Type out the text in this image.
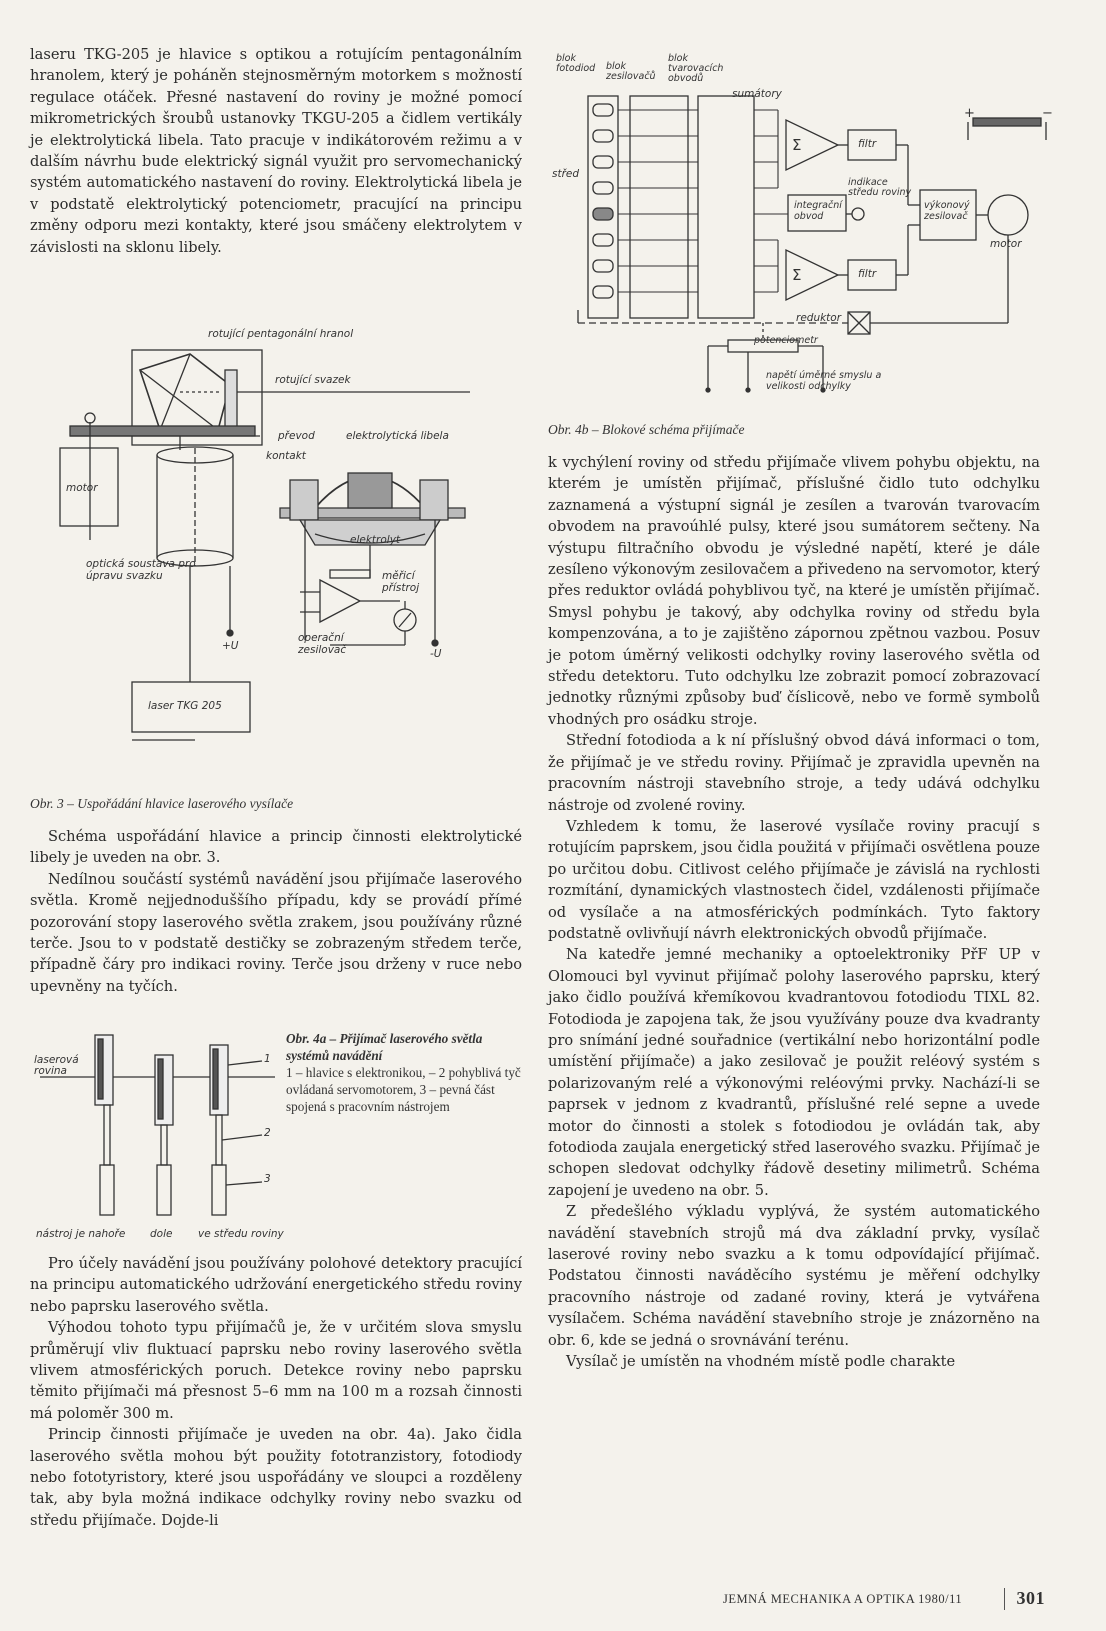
laseru TKG-205 je hlavice s optikou a rotujícím pentagonálním hranolem, který je poháněn stejnosměrným motorkem s možností regulace otáček. Přesné nastavení do roviny je možné pomocí mikrometrických šroubů ustanovky TKGU-205 a čidlem vertikály je elektrolytická libela. Tato pracuje v indikátorovém režimu a v dalším návrhu bude elektrický signál využit pro servomechanický systém automatického nastavení do roviny. Elektrolytická libela je v podstatě elektrolytický potenciometr, pracující na principu změny odporu mezi kontakty, které jsou smáčeny elektrolytem v závislosti na sklonu libely.

rotující pentagonální hranol
rotující svazek
převod	elektrolytická libela
kontakt
motor
elektrolyt
optická soustava pro úpravu svazku	měřicí přístroj
operační zesilovač
+U
-U
laser TKG 205
Obr. 3 – Uspořádání hlavice laserového vysílače

Schéma uspořádání hlavice a princip činnosti elektrolytické libely je uveden na obr. 3.

Nedílnou součástí systémů navádění jsou přijímače laserového světla. Kromě nejjednoduššího případu, kdy se provádí přímé pozorování stopy laserového světla zrakem, jsou používány různé terče. Jsou to v podstatě destičky se zobrazeným středem terče, případně čáry pro indikaci roviny. Terče jsou drženy v ruce nebo upevněny na tyčích.

laserová rovina
1
2
3
nástroj je nahoře dole ve středu roviny
Obr. 4a – Přijímač laserového světla systémů navádění
1 – hlavice s elektronikou, – 2 pohyblivá tyč ovládaná servomotorem, 3 – pevná část spojená s pracovním nástrojem

Pro účely navádění jsou používány polohové detektory pracující na principu automatického udržování energetického středu roviny nebo paprsku laserového světla.

Výhodou tohoto typu přijímačů je, že v určitém slova smyslu průměrují vliv fluktuací paprsku nebo roviny laserového světla vlivem atmosférických poruch. Detekce roviny nebo paprsku těmito přijímači má přesnost 5–6 mm na 100 m a rozsah činnosti má poloměr 300 m.

Princip činnosti přijímače je uveden na obr. 4a). Jako čidla laserového světla mohou být použity fototranzistory, fotodiody nebo fototyristory, které jsou uspořádány ve sloupci a rozděleny tak, aby byla možná indikace odchylky roviny nebo svazku od středu přijímače. Dojde-li

blok fotodiod blok zesilovačů
blok tvarovacích obvodů
sumátory
střed
filtr
filtr
integrační obvod
indikace středu roviny
výkonový zesilovač
motor
reduktor
potenciometr
napětí úměrné smyslu a velikosti odchylky
+	−
Σ
Σ
Obr. 4b – Blokové schéma přijímače

k vychýlení roviny od středu přijímače vlivem pohybu objektu, na kterém je umístěn přijímač, příslušné čidlo tuto odchylku zaznamená a výstupní signál je zesílen a tvarován tvarovacím obvodem na pravoúhlé pulsy, které jsou sumátorem sečteny. Na výstupu filtračního obvodu je výsledné napětí, které je dále zesíleno výkonovým zesilovačem a přivedeno na servomotor, který přes reduktor ovládá pohyblivou tyč, na které je umístěn přijímač. Smysl pohybu je takový, aby odchylka roviny od středu byla kompenzována, a to je zajištěno zápornou zpětnou vazbou. Posuv je potom úměrný velikosti odchylky roviny laserového světla od středu detektoru. Tuto odchylku lze zobrazit pomocí zobrazovací jednotky různými způsoby buď číslicově, nebo ve formě symbolů vhodných pro osádku stroje.

Střední fotodioda a k ní příslušný obvod dává informaci o tom, že přijímač je ve středu roviny. Přijímač je zpravidla upevněn na pracovním nástroji stavebního stroje, a tedy udává odchylku nástroje od zvolené roviny.

Vzhledem k tomu, že laserové vysílače roviny pracují s rotujícím paprskem, jsou čidla použitá v přijímači osvětlena pouze po určitou dobu. Citlivost celého přijímače je závislá na rychlosti rozmítání, dynamických vlastnostech čidel, vzdálenosti přijímače od vysílače a na atmosférických podmínkách. Tyto faktory podstatně ovlivňují návrh elektronických obvodů přijímače.

Na katedře jemné mechaniky a optoelektroniky PřF UP v Olomouci byl vyvinut přijímač polohy laserového paprsku, který jako čidlo používá křemíkovou kvadrantovou fotodiodu TIXL 82. Fotodioda je zapojena tak, že jsou využívány pouze dva kvadranty pro snímání jedné souřadnice (vertikální nebo horizontální podle umístění přijímače) a jako zesilovač je použit reléový systém s polarizovaným relé a výkonovými reléovými prvky. Nachází-li se paprsek v jednom z kvadrantů, příslušné relé sepne a uvede motor do činnosti a stolek s fotodiodou je ovládán tak, aby fotodioda zaujala energetický střed laserového svazku. Přijímač je schopen sledovat odchylky řádově desetiny milimetrů. Schéma zapojení je uvedeno na obr. 5.

Z předešlého výkladu vyplývá, že systém automatického navádění stavebních strojů má dva základní prvky, vysílač laserové roviny nebo svazku a k tomu odpovídající přijímač. Podstatou činnosti naváděcího systému je měření odchylky pracovního nástroje od zadané roviny, která je vytvářena vysílačem. Schéma navádění stavebního stroje je znázorněno na obr. 6, kde se jedná o srovnávání terénu.

Vysílač je umístěn na vhodném místě podle charakte

JEMNÁ MECHANIKA A OPTIKA 1980/11	301
